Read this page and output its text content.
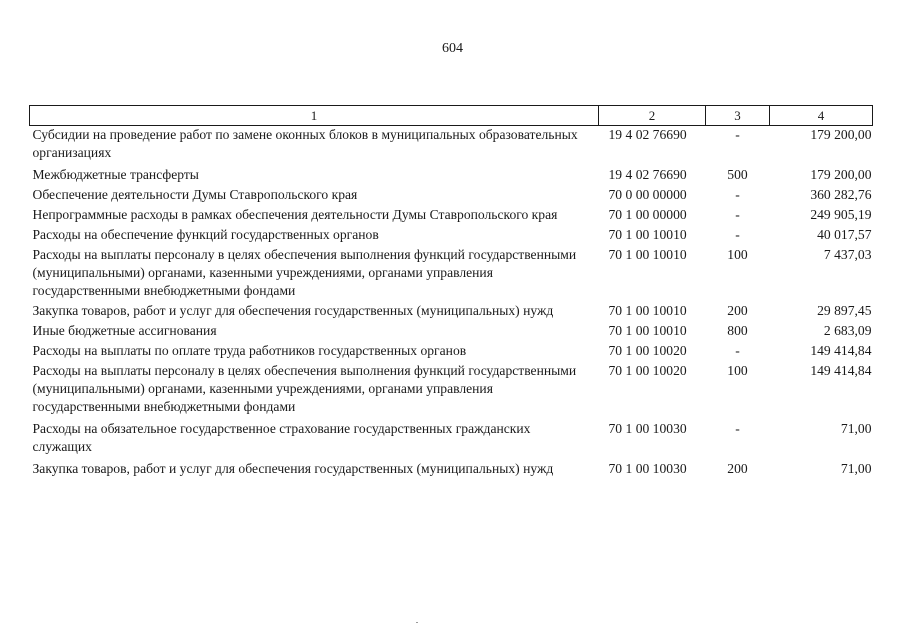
604
1	2	3	4
Субсидии на проведение работ по замене оконных блоков в муниципальных образовательных организациях	19 4 02 76690	-	179 200,00
Межбюджетные трансферты	19 4 02 76690	500	179 200,00
Обеспечение деятельности Думы Ставропольского края	70 0 00 00000	-	360 282,76
Непрограммные расходы в рамках обеспечения деятельности Думы Ставропольского края	70 1 00 00000	-	249 905,19
Расходы на обеспечение функций государственных органов	70 1 00 10010	-	40 017,57
Расходы на выплаты персоналу в целях обеспечения выполнения функций государственными (муниципальными) органами, казенными учреждениями, органами управления государственными внебюджетными фондами	70 1 00 10010	100	7 437,03
Закупка товаров, работ и услуг для обеспечения государственных (муниципальных) нужд	70 1 00 10010	200	29 897,45
Иные бюджетные ассигнования	70 1 00 10010	800	2 683,09
Расходы на выплаты по оплате труда работников государственных органов	70 1 00 10020	-	149 414,84
Расходы на выплаты персоналу в целях обеспечения выполнения функций государственными (муниципальными) органами, казенными учреждениями, органами управления государственными внебюджетными фондами	70 1 00 10020	100	149 414,84
Расходы на обязательное государственное страхование государственных гражданских служащих	70 1 00 10030	-	71,00
Закупка товаров, работ и услуг для обеспечения государственных (муниципальных) нужд	70 1 00 10030	200	71,00
